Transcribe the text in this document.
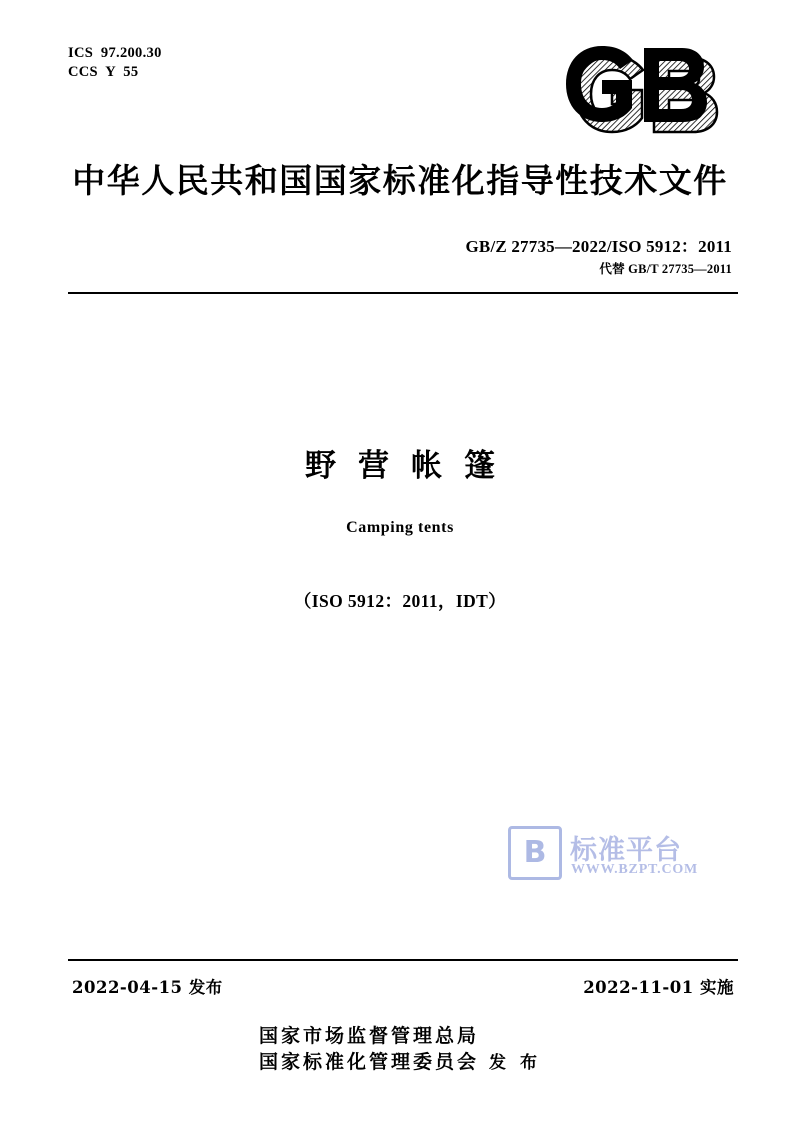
ICS  97.200.30
CCS  Y  55
中华人民共和国国家标准化指导性技术文件
GB/Z 27735—2022/ISO 5912：2011
代替 GB/T 27735—2011
野营帐篷
Camping tents
（ISO 5912：2011，IDT）
B 标准平台
WWW.BZPT.COM
2022-04-15 发布	2022-11-01 实施
国家市场监督管理总局
国家标准化管理委员会 发 布
